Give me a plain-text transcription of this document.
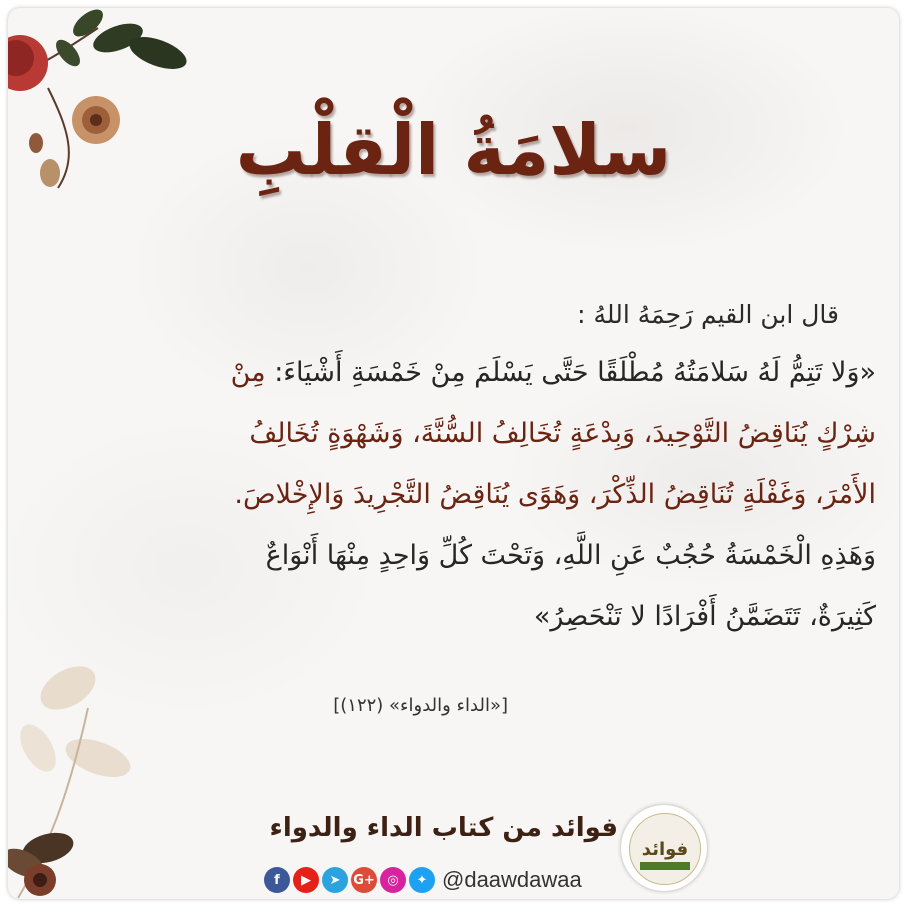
سلامَةُ الْقلْبِ
قال ابن القيم رَحِمَهُ اللهُ :
«وَلا تَتِمُّ لَهُ سَلامَتُهُ مُطْلَقًا حَتَّى يَسْلَمَ مِنْ خَمْسَةِ أَشْيَاءَ: مِنْ
شِرْكٍ يُنَاقِضُ التَّوْحِيدَ، وَبِدْعَةٍ تُخَالِفُ السُّنَّةَ، وَشَهْوَةٍ تُخَالِفُ
الأَمْرَ، وَغَفْلَةٍ تُنَاقِضُ الذِّكْرَ، وَهَوًى يُنَاقِضُ التَّجْرِيدَ وَالإِخْلاصَ.
وَهَذِهِ الْخَمْسَةُ حُجُبٌ عَنِ اللَّهِ، وَتَحْتَ كُلِّ وَاحِدٍ مِنْهَا أَنْوَاعٌ
كَثِيرَةٌ، تَتَضَمَّنُ أَفْرَادًا لا تَنْحَصِرُ»
[«الداء والدواء» (١٢٢)]
فوائد من كتاب الداء والدواء
فوائد
f	▶	➤ G+ ◎	✦ @daawdawaa
